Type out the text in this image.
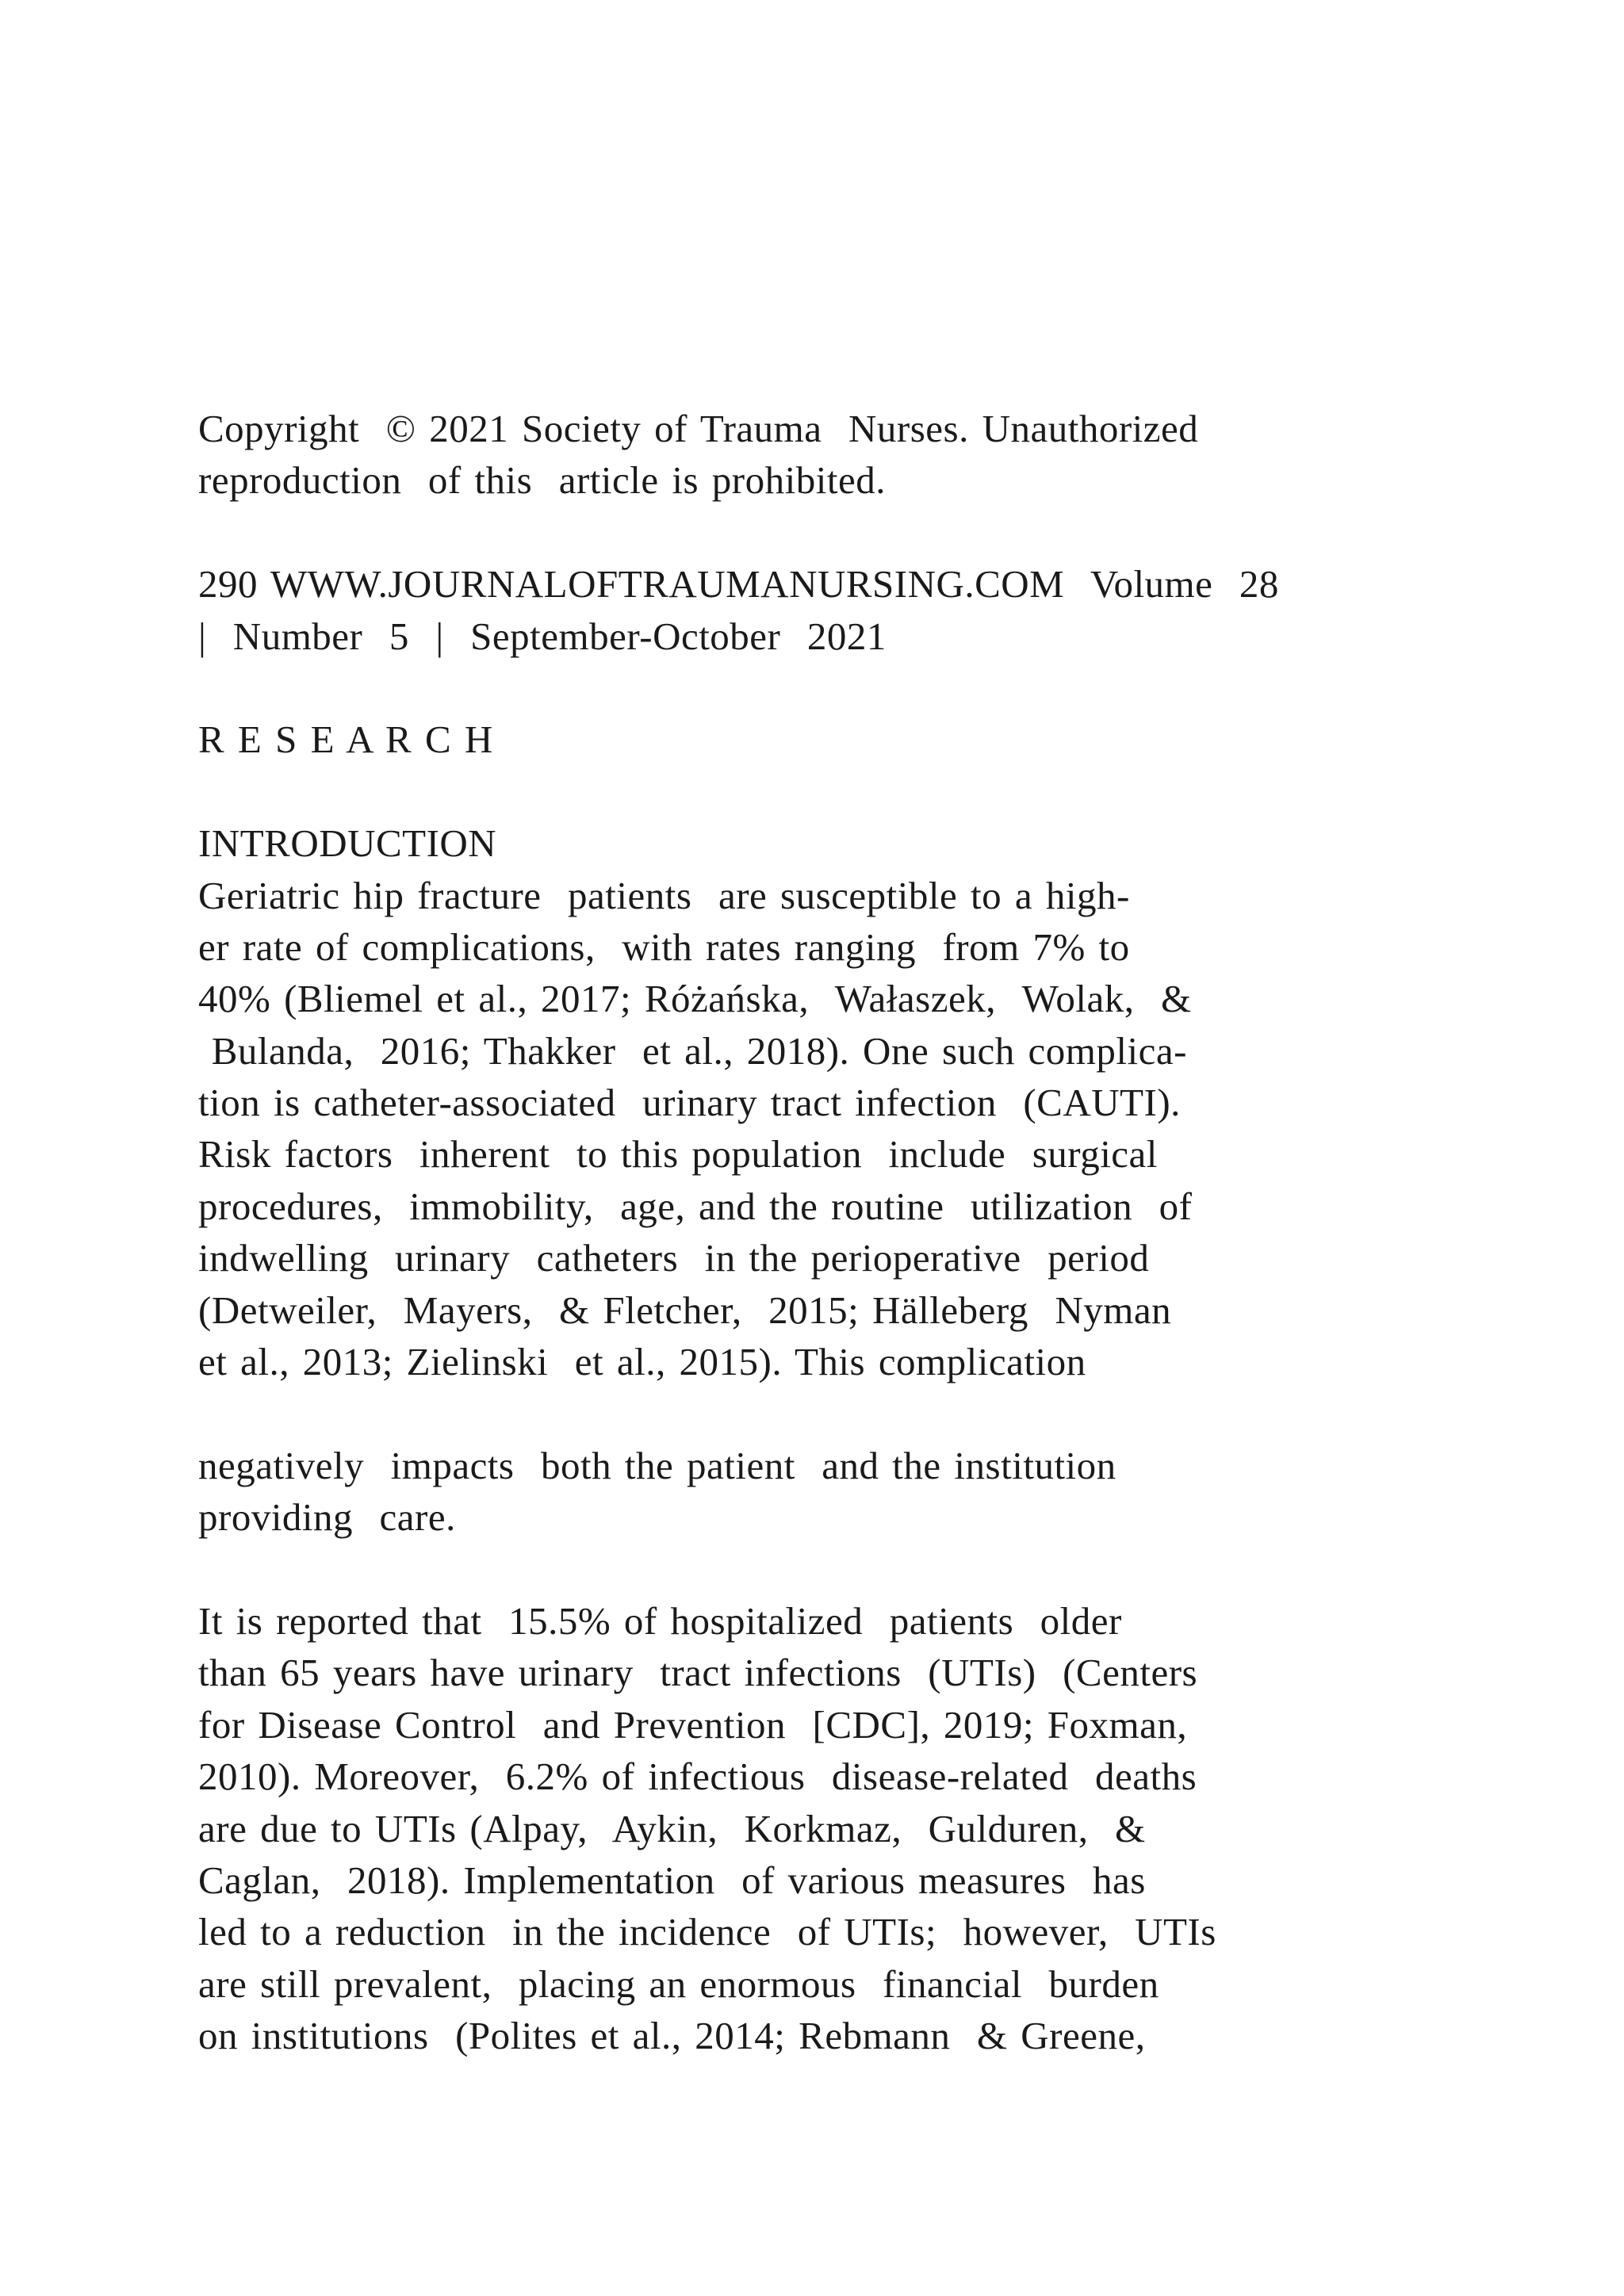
Copyright  © 2021 Society of Trauma  Nurses. Unauthorized
reproduction  of this  article is prohibited.
290 WWW.JOURNALOFTRAUMANURSING.COM  Volume  28
|  Number  5  |  September-October  2021
R E S E A R C H
INTRODUCTION
Geriatric hip fracture  patients  are susceptible to a high-
er rate of complications,  with rates ranging  from 7% to
40% (Bliemel et al., 2017; Różańska,  Wałaszek,  Wolak,  &
Bulanda,  2016; Thakker  et al., 2018). One such complica-
tion is catheter-associated  urinary tract infection  (CAUTI).
Risk factors  inherent  to this population  include  surgical
procedures,  immobility,  age, and the routine  utilization  of
indwelling  urinary  catheters  in the perioperative  period
(Detweiler,  Mayers,  & Fletcher,  2015; Hälleberg  Nyman
et al., 2013; Zielinski  et al., 2015). This complication
negatively  impacts  both the patient  and the institution
providing  care.
It is reported that  15.5% of hospitalized  patients  older
than 65 years have urinary  tract infections  (UTIs)  (Centers
for Disease Control  and Prevention  [CDC], 2019; Foxman,
2010). Moreover,  6.2% of infectious  disease-related  deaths
are due to UTIs (Alpay,  Aykin,  Korkmaz,  Gulduren,  &
Caglan,  2018). Implementation  of various measures  has
led to a reduction  in the incidence  of UTIs;  however,  UTIs
are still prevalent,  placing an enormous  financial  burden
on institutions  (Polites et al., 2014; Rebmann  & Greene,
